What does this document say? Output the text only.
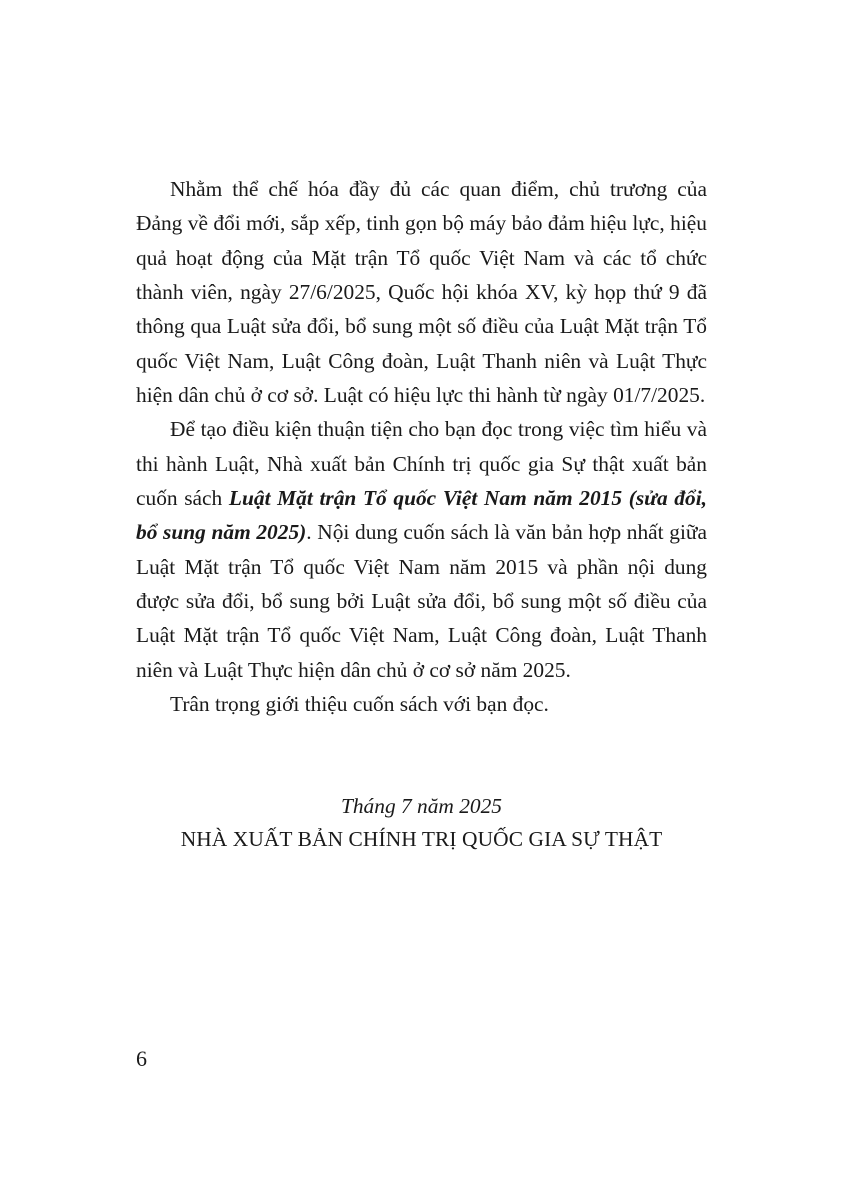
Nhằm thể chế hóa đầy đủ các quan điểm, chủ trương của Đảng về đổi mới, sắp xếp, tinh gọn bộ máy bảo đảm hiệu lực, hiệu quả hoạt động của Mặt trận Tổ quốc Việt Nam và các tổ chức thành viên, ngày 27/6/2025, Quốc hội khóa XV, kỳ họp thứ 9 đã thông qua Luật sửa đổi, bổ sung một số điều của Luật Mặt trận Tổ quốc Việt Nam, Luật Công đoàn, Luật Thanh niên và Luật Thực hiện dân chủ ở cơ sở. Luật có hiệu lực thi hành từ ngày 01/7/2025.

Để tạo điều kiện thuận tiện cho bạn đọc trong việc tìm hiểu và thi hành Luật, Nhà xuất bản Chính trị quốc gia Sự thật xuất bản cuốn sách Luật Mặt trận Tổ quốc Việt Nam năm 2015 (sửa đổi, bổ sung năm 2025). Nội dung cuốn sách là văn bản hợp nhất giữa Luật Mặt trận Tổ quốc Việt Nam năm 2015 và phần nội dung được sửa đổi, bổ sung bởi Luật sửa đổi, bổ sung một số điều của Luật Mặt trận Tổ quốc Việt Nam, Luật Công đoàn, Luật Thanh niên và Luật Thực hiện dân chủ ở cơ sở năm 2025.

Trân trọng giới thiệu cuốn sách với bạn đọc.

Tháng 7 năm 2025
NHÀ XUẤT BẢN CHÍNH TRỊ QUỐC GIA SỰ THẬT
6
